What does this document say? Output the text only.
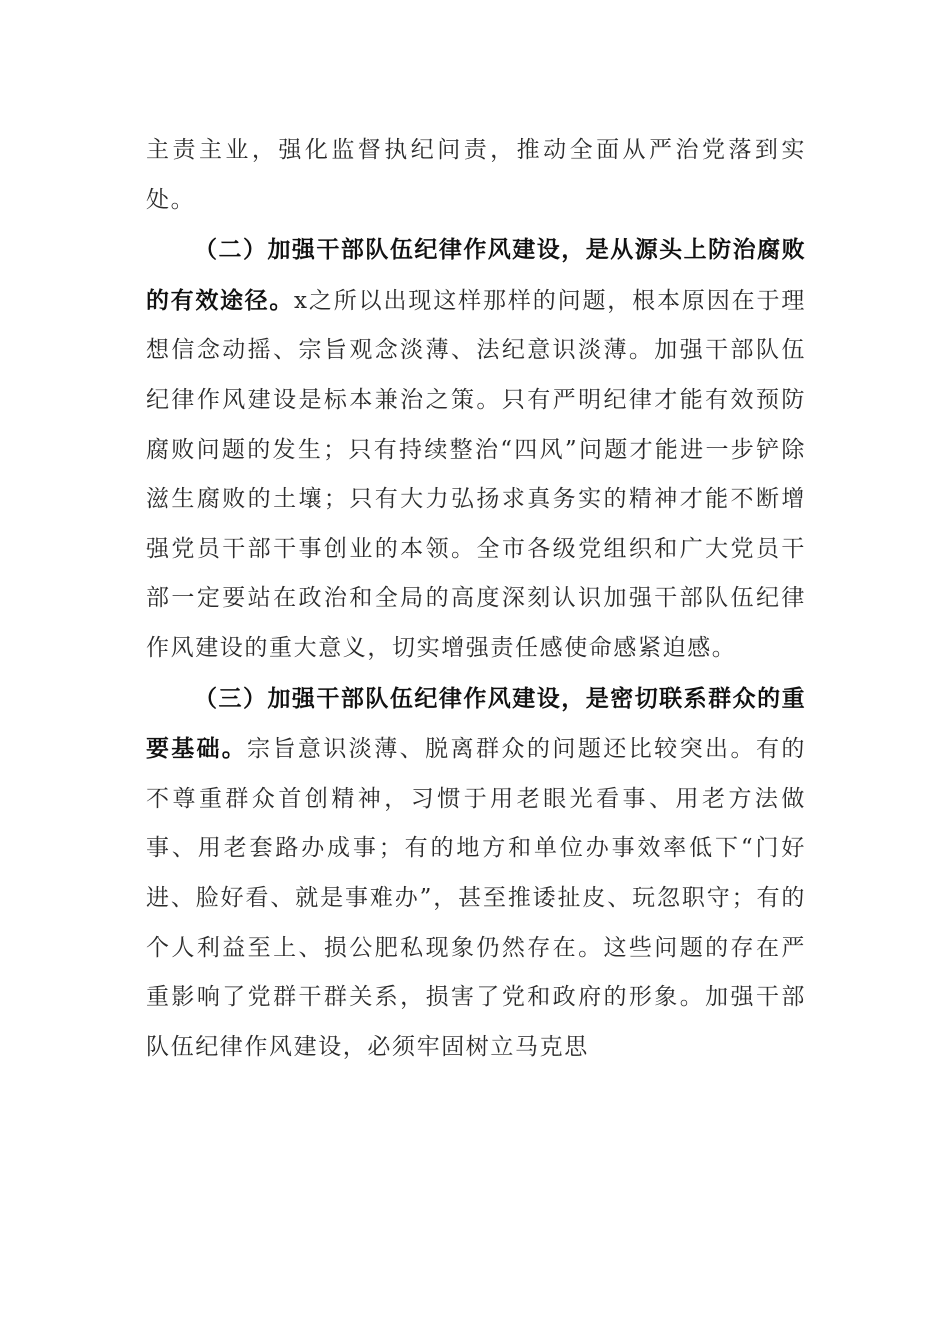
主责主业，强化监督执纪问责，推动全面从严治党落到实处。

（二）加强干部队伍纪律作风建设，是从源头上防治腐败的有效途径。x之所以出现这样那样的问题，根本原因在于理想信念动摇、宗旨观念淡薄、法纪意识淡薄。加强干部队伍纪律作风建设是标本兼治之策。只有严明纪律才能有效预防腐败问题的发生；只有持续整治“四风”问题才能进一步铲除滋生腐败的土壤；只有大力弘扬求真务实的精神才能不断增强党员干部干事创业的本领。全市各级党组织和广大党员干部一定要站在政治和全局的高度深刻认识加强干部队伍纪律作风建设的重大意义，切实增强责任感使命感紧迫感。

（三）加强干部队伍纪律作风建设，是密切联系群众的重要基础。宗旨意识淡薄、脱离群众的问题还比较突出。有的不尊重群众首创精神，习惯于用老眼光看事、用老方法做事、用老套路办成事；有的地方和单位办事效率低下“门好进、脸好看、就是事难办”，甚至推诿扯皮、玩忽职守；有的个人利益至上、损公肥私现象仍然存在。这些问题的存在严重影响了党群干群关系，损害了党和政府的形象。加强干部队伍纪律作风建设，必须牢固树立马克思
